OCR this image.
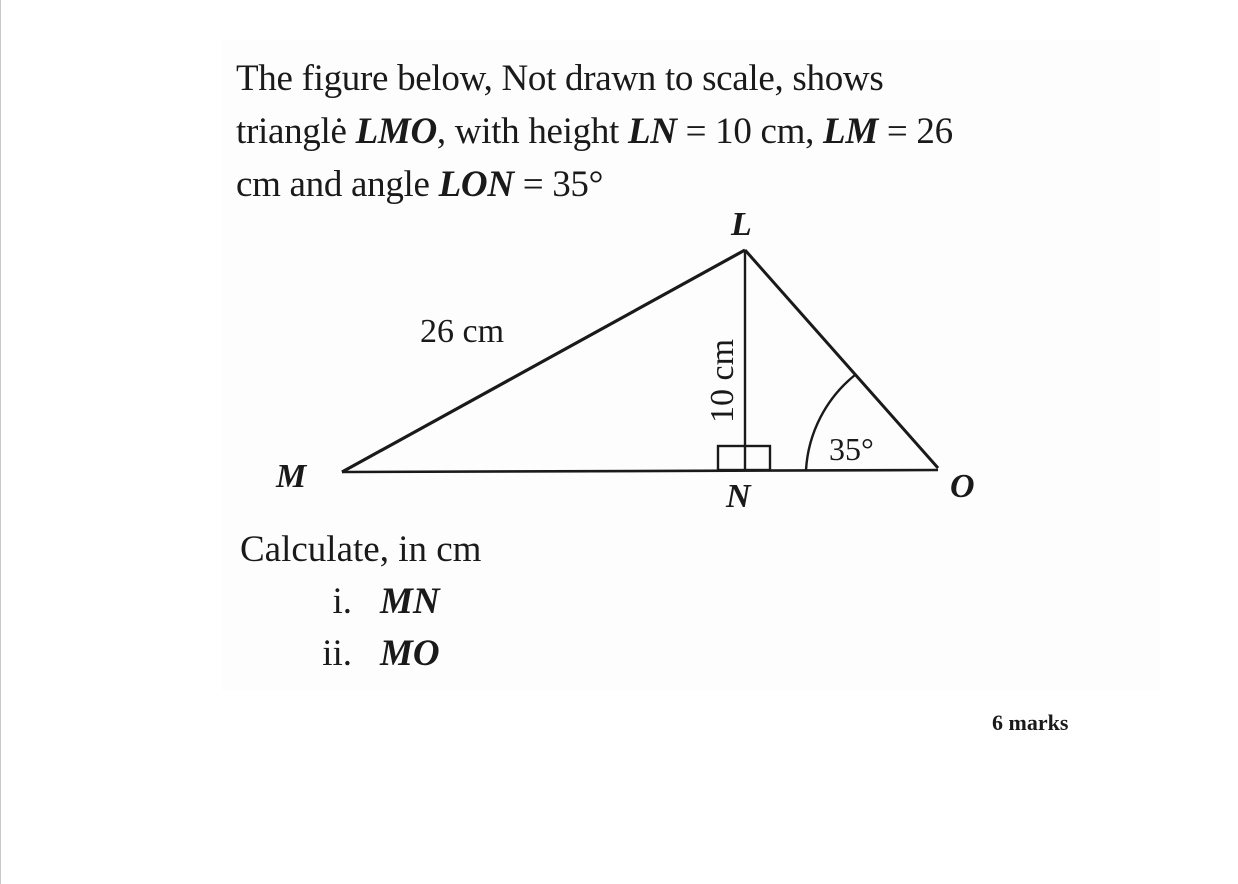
The figure below, Not drawn to scale, shows
trianglė LMO, with height LN = 10 cm, LM = 26
cm and angle LON = 35°
L
M
N	O
26 cm
10 cm
35°
Calculate, in cm
i. MN
ii. MO
6 marks
